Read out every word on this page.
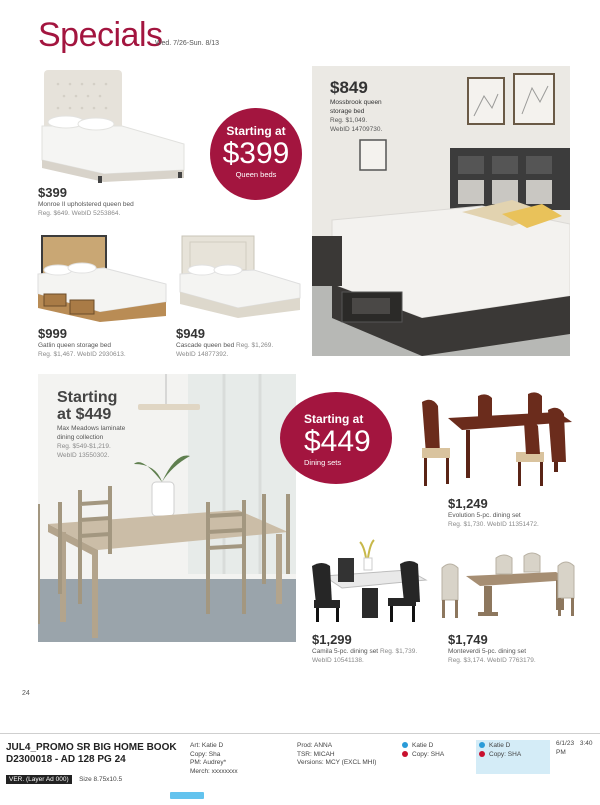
Specials
Wed. 7/26-Sun. 8/13
$399
Monroe II upholstered queen bed
Reg. $649. WebID 5253864.
Starting at
$399
Queen beds
$849
Mossbrook queen storage bed
Reg. $1,049.
WebID 14709730.
$999
Gatlin queen storage bed
Reg. $1,467. WebID 2930613.
$949
Cascade queen bed Reg. $1,269.
WebID 14877392.
Starting
at $449
Max Meadows laminate
dining collection
Reg. $549-$1,219.
WebID 13550302.
Starting at
$449
Dining sets
$1,249
Evolution 5-pc. dining set
Reg. $1,730. WebID 11351472.
$1,299
Camila 5-pc. dining set Reg. $1,739.
WebID 10541138.
$1,749
Monteverdi 5-pc. dining set
Reg. $3,174. WebID 7763179.
24
JUL4_PROMO SR BIG HOME BOOK
D2300018 - AD 128 PG 24
VER. (Layer Ad 000) Size 8.75x10.5
Art: Katie D
Copy: Sha
PM: Audrey*
Merch: xxxxxxxx
Prod: ANNA
TSR: MICAH
Versions: MCY (EXCL MHI)
Katie D
Copy: SHA
Katie D
Copy: SHA
6/1/23 3:40 PM
